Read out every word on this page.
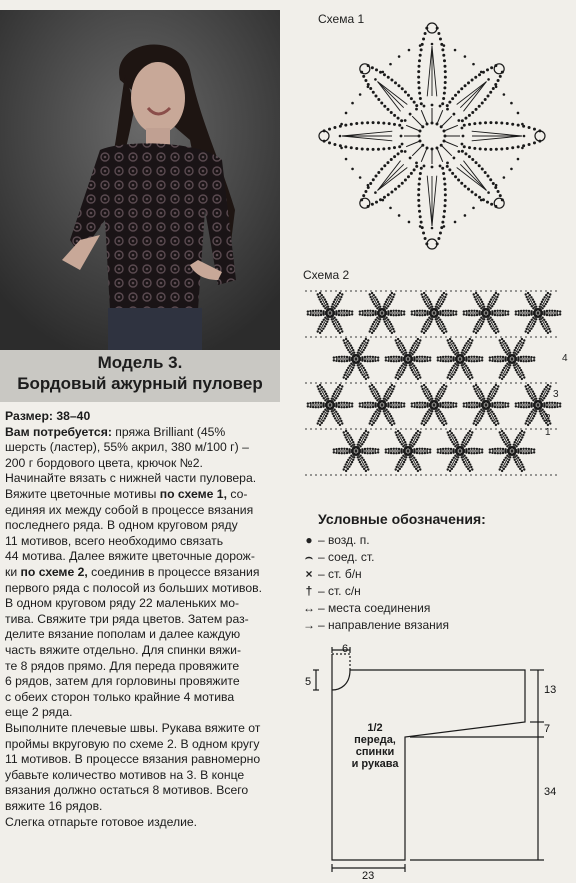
Модель 3.
Бордовый ажурный пуловер
Размер: 38–40
Вам потребуется: пряжа Brilliant (45%
шерсть (ластер), 55% акрил, 380 м/100 г) –
200 г бордового цвета, крючок №2.
Начинайте вязать с нижней части пуловера.
Вяжите цветочные мотивы по схеме 1, со-
единяя их между собой в процессе вязания
последнего ряда. В одном круговом ряду
11 мотивов, всего необходимо связать
44 мотива. Далее вяжите цветочные дорож-
ки по схеме 2, соединив в процессе вязания
первого ряда с полосой из больших мотивов.
В одном круговом ряду 22 маленьких мо-
тива. Свяжите три ряда цветов. Затем раз-
делите вязание пополам и далее каждую
часть вяжите отдельно. Для спинки вяжи-
те 8 рядов прямо. Для переда провяжите
6 рядов, затем для горловины провяжите
с обеих сторон только крайние 4 мотива
еще 2 ряда.
Выполните плечевые швы. Рукава вяжите от
проймы вкруговую по схеме 2. В одном кругу
11 мотивов. В процессе вязания равномерно
убавьте количество мотивов на 3. В конце
вязания должно остаться 8 мотивов. Всего
вяжите 16 рядов.
Слегка отпарьте готовое изделие.
Схема 1
Схема 2
4
3
2
1
Условные обозначения:
● – возд. п.
⌢ – соед. ст.
× – ст. б/н
† – ст. с/н
↔ – места соединения
→ – направление вязания
6
5
13
7
34
23
1/2
переда,
спинки
и рукава
